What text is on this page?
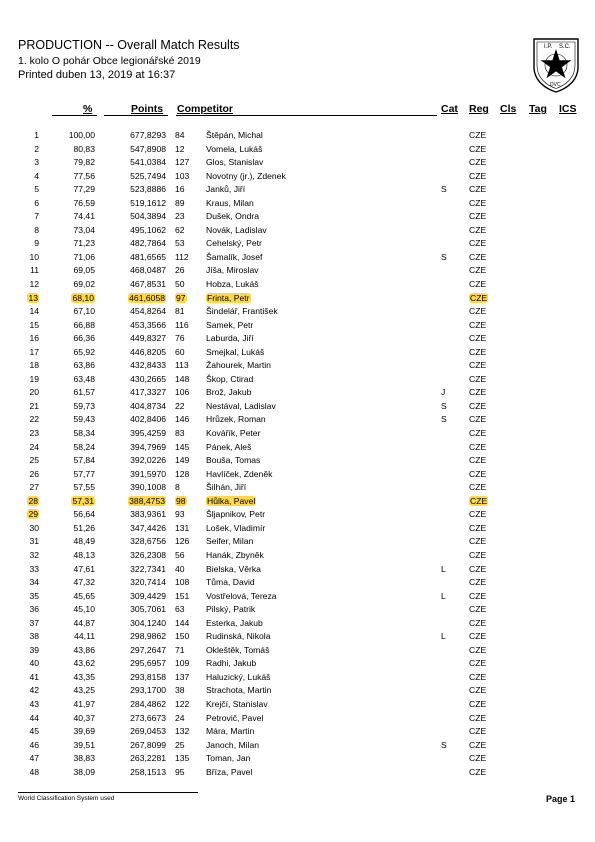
PRODUCTION -- Overall Match Results
1. kolo O pohár Obce legionářské 2019
Printed duben 13, 2019 at 16:37
I.P. S.C.
DVC
%	Points Competitor	Cat Reg Cls Tag ICS
1	100,00	677,8293 84 Štěpán, Michal	CZE
2	80,83	547,8908 12 Vomela, Lukáš	CZE
3	79,82	541,0384 127 Glos, Stanislav	CZE
4	77,56	525,7494 103 Novotny (jr.), Zdenek	CZE
5	77,29	523,8886 16 Janků, Jiří	S	CZE
6	76,59	519,1612 89 Kraus, Milan	CZE
7	74,41	504,3894 23 Dušek, Ondra	CZE
8	73,04	495,1062 62 Novák, Ladislav	CZE
9	71,23	482,7864 53 Cehelský, Petr	CZE
10	71,06	481,6565 112 Šamalík, Josef	S	CZE
11	69,05	468,0487 26 Jíša, Miroslav	CZE
12	69,02	467,8531 50 Hobza, Lukáš	CZE
13	68,10	461,6058 97 Frinta, Petr	CZE
14	67,10	454,8264 81 Šindelář, František	CZE
15	66,88	453,3566 116 Samek, Petr	CZE
16	66,36	449,8327 76 Laburda, Jiří	CZE
17	65,92	446,8205 60 Smejkal, Lukáš	CZE
18	63,86	432,8433 113 Žahourek, Martin	CZE
19	63,48	430,2665 148 Škop, Ctirad	CZE
20	61,57	417,3327 106 Brož, Jakub	J	CZE
21	59,73	404,8734 22 Nestával, Ladislav	S	CZE
22	59,43	402,8406 146 Hrůzek, Roman	S	CZE
23	58,34	395,4259 83 Kovářík, Peter	CZE
24	58,24	394,7969 145 Pánek, Aleš	CZE
25	57,84	392,0226 149 Bouša, Tomas	CZE
26	57,77	391,5970 128 Havlíček, Zdeněk	CZE
27	57,55	390,1008 8	Šilhán, Jiří	CZE
28	57,31	388,4753 98 Hůlka, Pavel	CZE
29	56,64	383,9361 93 Šljapnikov, Petr	CZE
30	51,26	347,4426 131 Lošek, Vladimír	CZE
31	48,49	328,6756 126 Seifer, Milan	CZE
32	48,13	326,2308 56 Hanák, Zbyněk	CZE
33	47,61	322,7341 40 Bielska, Věrka	L	CZE
34	47,32	320,7414 108 Tůma, David	CZE
35	45,65	309,4429 151 Vostřelová, Tereza	L	CZE
36	45,10	305,7061 63 Pilský, Patrik	CZE
37	44,87	304,1240 144 Esterka, Jakub	CZE
38	44,11	298,9862 150 Rudinská, Nikola	L	CZE
39	43,86	297,2647 71 Okleštěk, Tomáš	CZE
40	43,62	295,6957 109 Radhi, Jakub	CZE
41	43,35	293,8158 137 Haluzický, Lukáš	CZE
42	43,25	293,1700 38 Strachota, Martin	CZE
43	41,97	284,4862 122 Krejčí, Stanislav	CZE
44	40,37	273,6673 24 Petrovič, Pavel	CZE
45	39,69	269,0453 132 Mára, Martin	CZE
46	39,51	267,8099 25 Janoch, Milan	S	CZE
47	38,83	263,2281 135 Toman, Jan	CZE
48	38,09	258,1513 95 Bříza, Pavel	CZE
World Classification System used	Page 1
